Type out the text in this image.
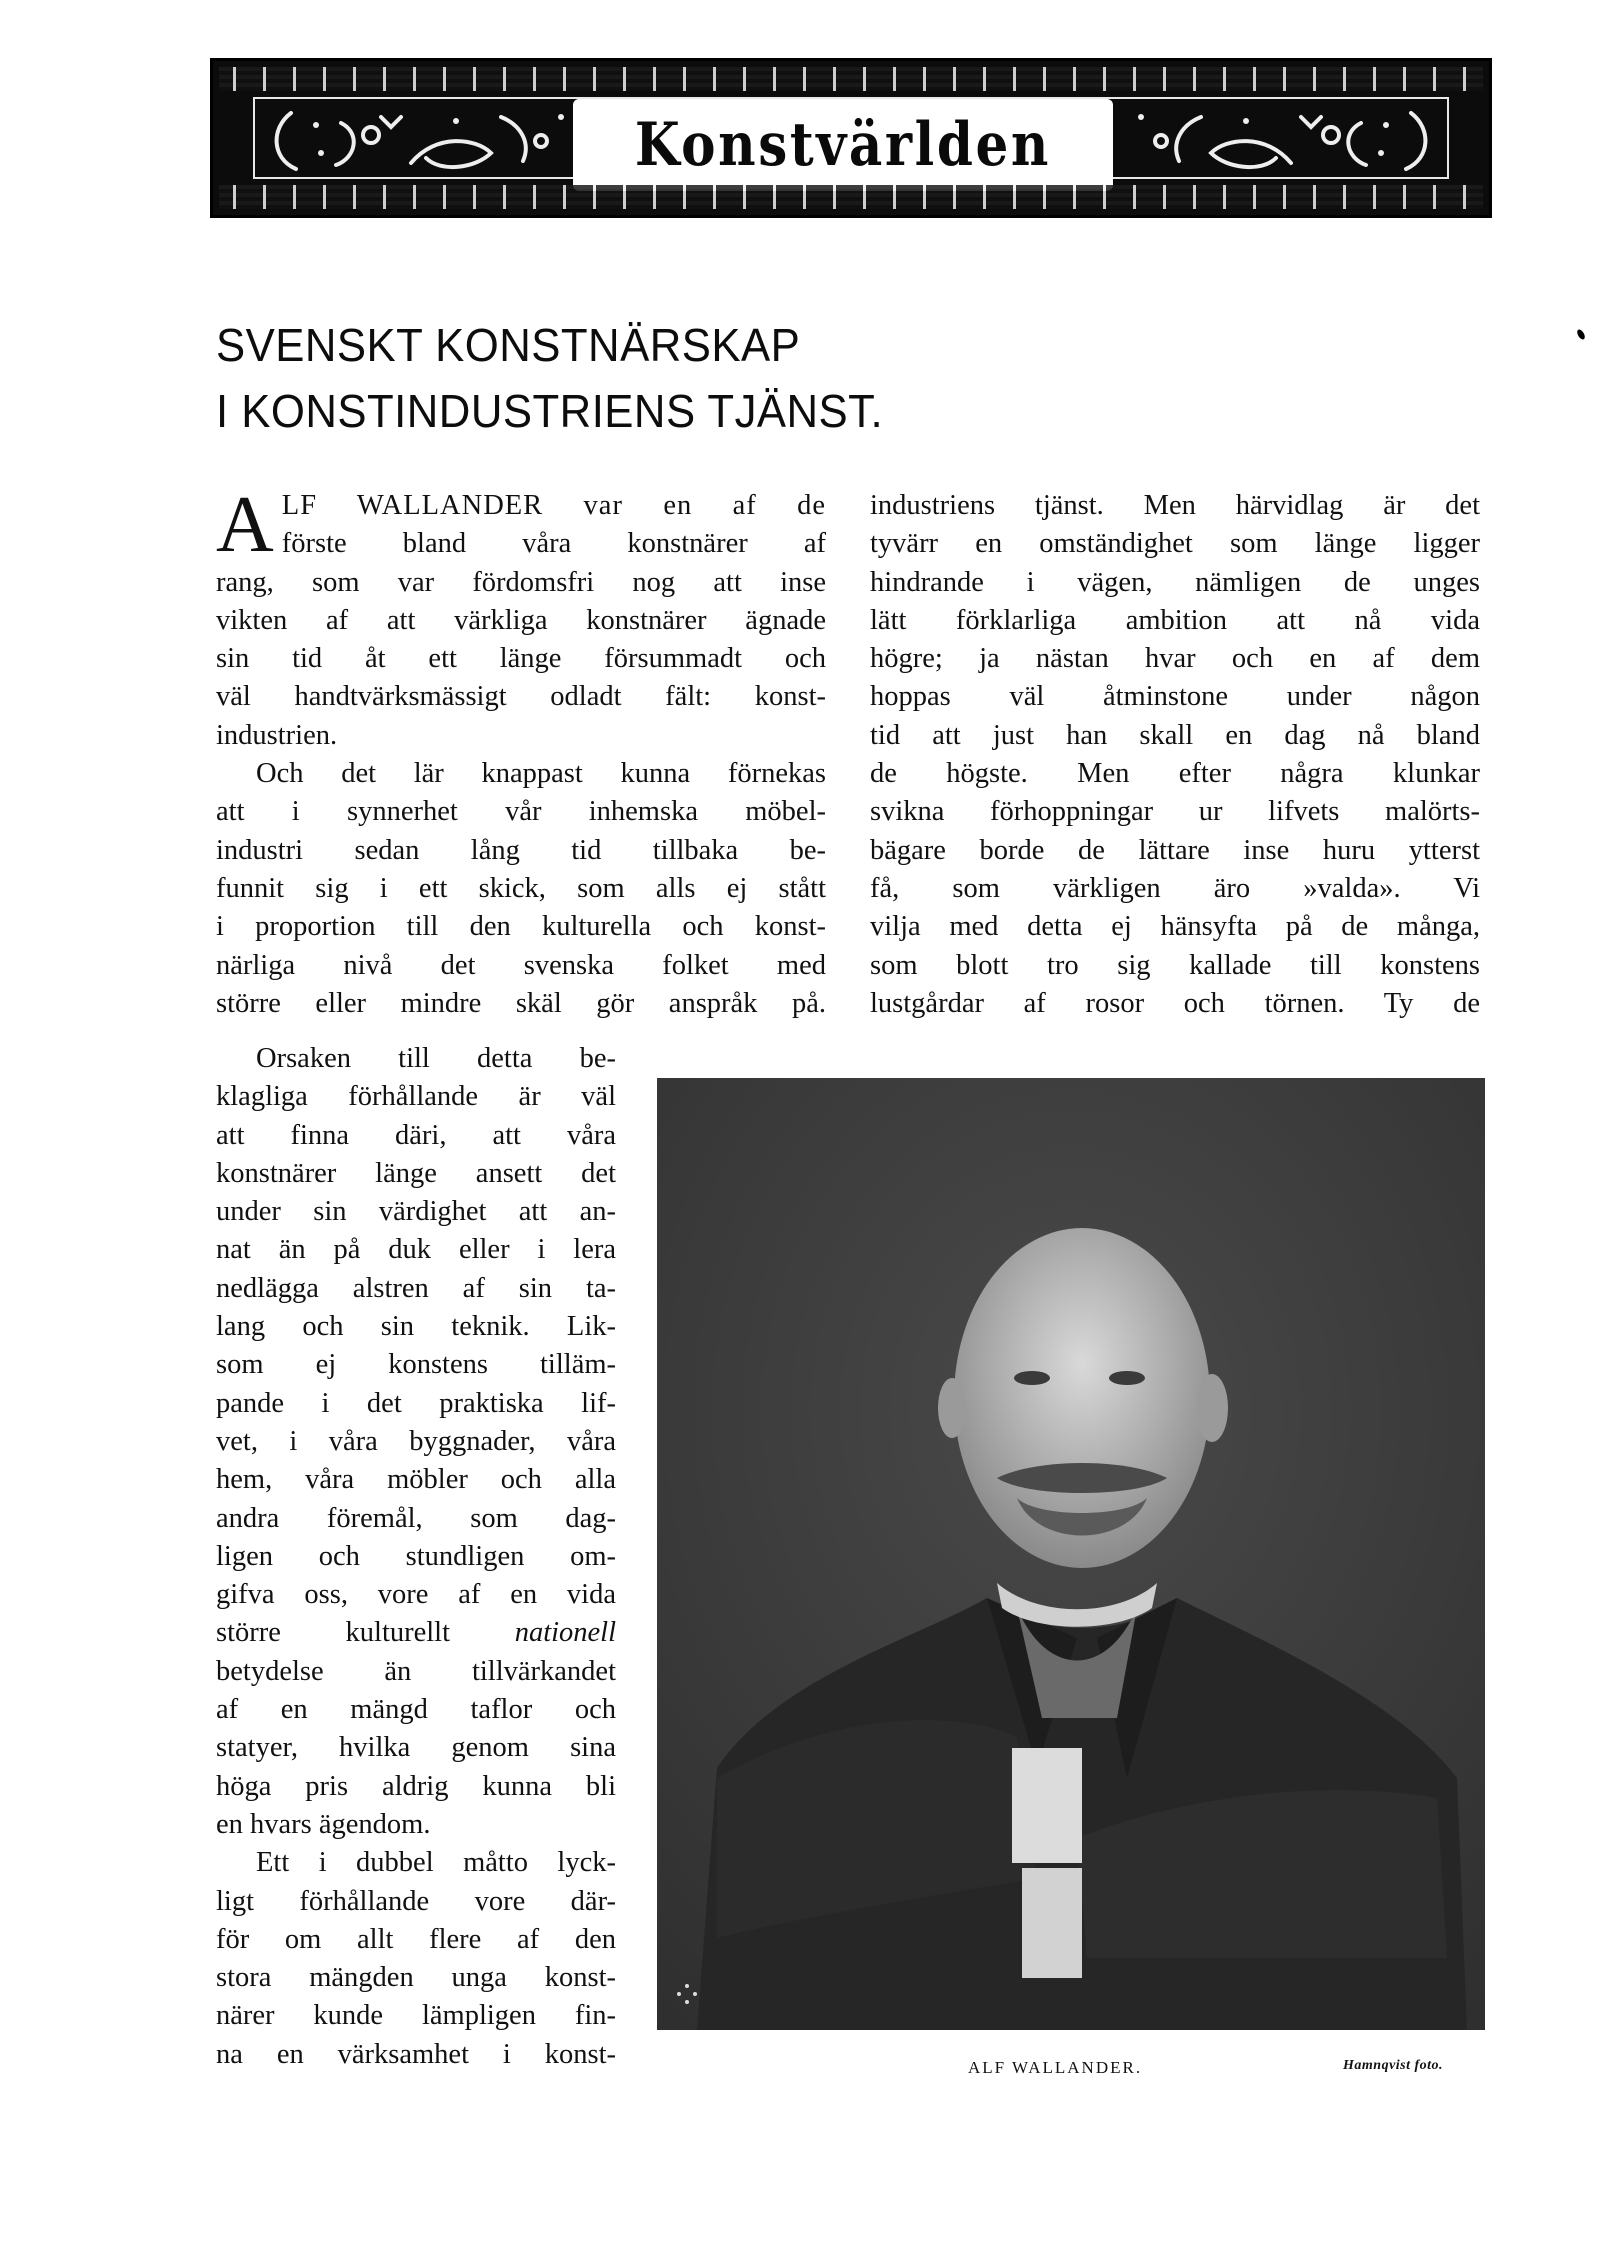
Konstvärlden
SVENSKT KONSTNÄRSKAP
I KONSTINDUSTRIENS TJÄNST.
A LF WALLANDER var en af de
förste bland våra konstnärer af
rang, som var fördomsfri nog att inse
vikten af att värkliga konstnärer ägnade
sin tid åt ett länge försummadt och
väl handtvärksmässigt odladt fält: konst-
industrien.
Och det lär knappast kunna förnekas
att i synnerhet vår inhemska möbel-
industri sedan lång tid tillbaka be-
funnit sig i ett skick, som alls ej stått
i proportion till den kulturella och konst-
närliga nivå det svenska folket med
större eller mindre skäl gör anspråk på.
Orsaken till detta be-
klagliga förhållande är väl
att finna däri, att våra
konstnärer länge ansett det
under sin värdighet att an-
nat än på duk eller i lera
nedlägga alstren af sin ta-
lang och sin teknik. Lik-
som ej konstens tilläm-
pande i det praktiska lif-
vet, i våra byggnader, våra
hem, våra möbler och alla
andra föremål, som dag-
ligen och stundligen om-
gifva oss, vore af en vida
större kulturellt nationell
betydelse än tillvärkandet
af en mängd taflor och
statyer, hvilka genom sina
höga pris aldrig kunna bli
en hvars ägendom.
Ett i dubbel måtto lyck-
ligt förhållande vore där-
för om allt flere af den
stora mängden unga konst-
närer kunde lämpligen fin-
na en värksamhet i konst-
industriens tjänst. Men härvidlag är det
tyvärr en omständighet som länge ligger
hindrande i vägen, nämligen de unges
lätt förklarliga ambition att nå vida
högre; ja nästan hvar och en af dem
hoppas väl åtminstone under någon
tid att just han skall en dag nå bland
de högste. Men efter några klunkar
svikna förhoppningar ur lifvets malörts-
bägare borde de lättare inse huru ytterst
få, som värkligen äro »valda». Vi
vilja med detta ej hänsyfta på de många,
som blott tro sig kallade till konstens
lustgårdar af rosor och törnen. Ty de
ALF WALLANDER.	Hamnqvist foto.
